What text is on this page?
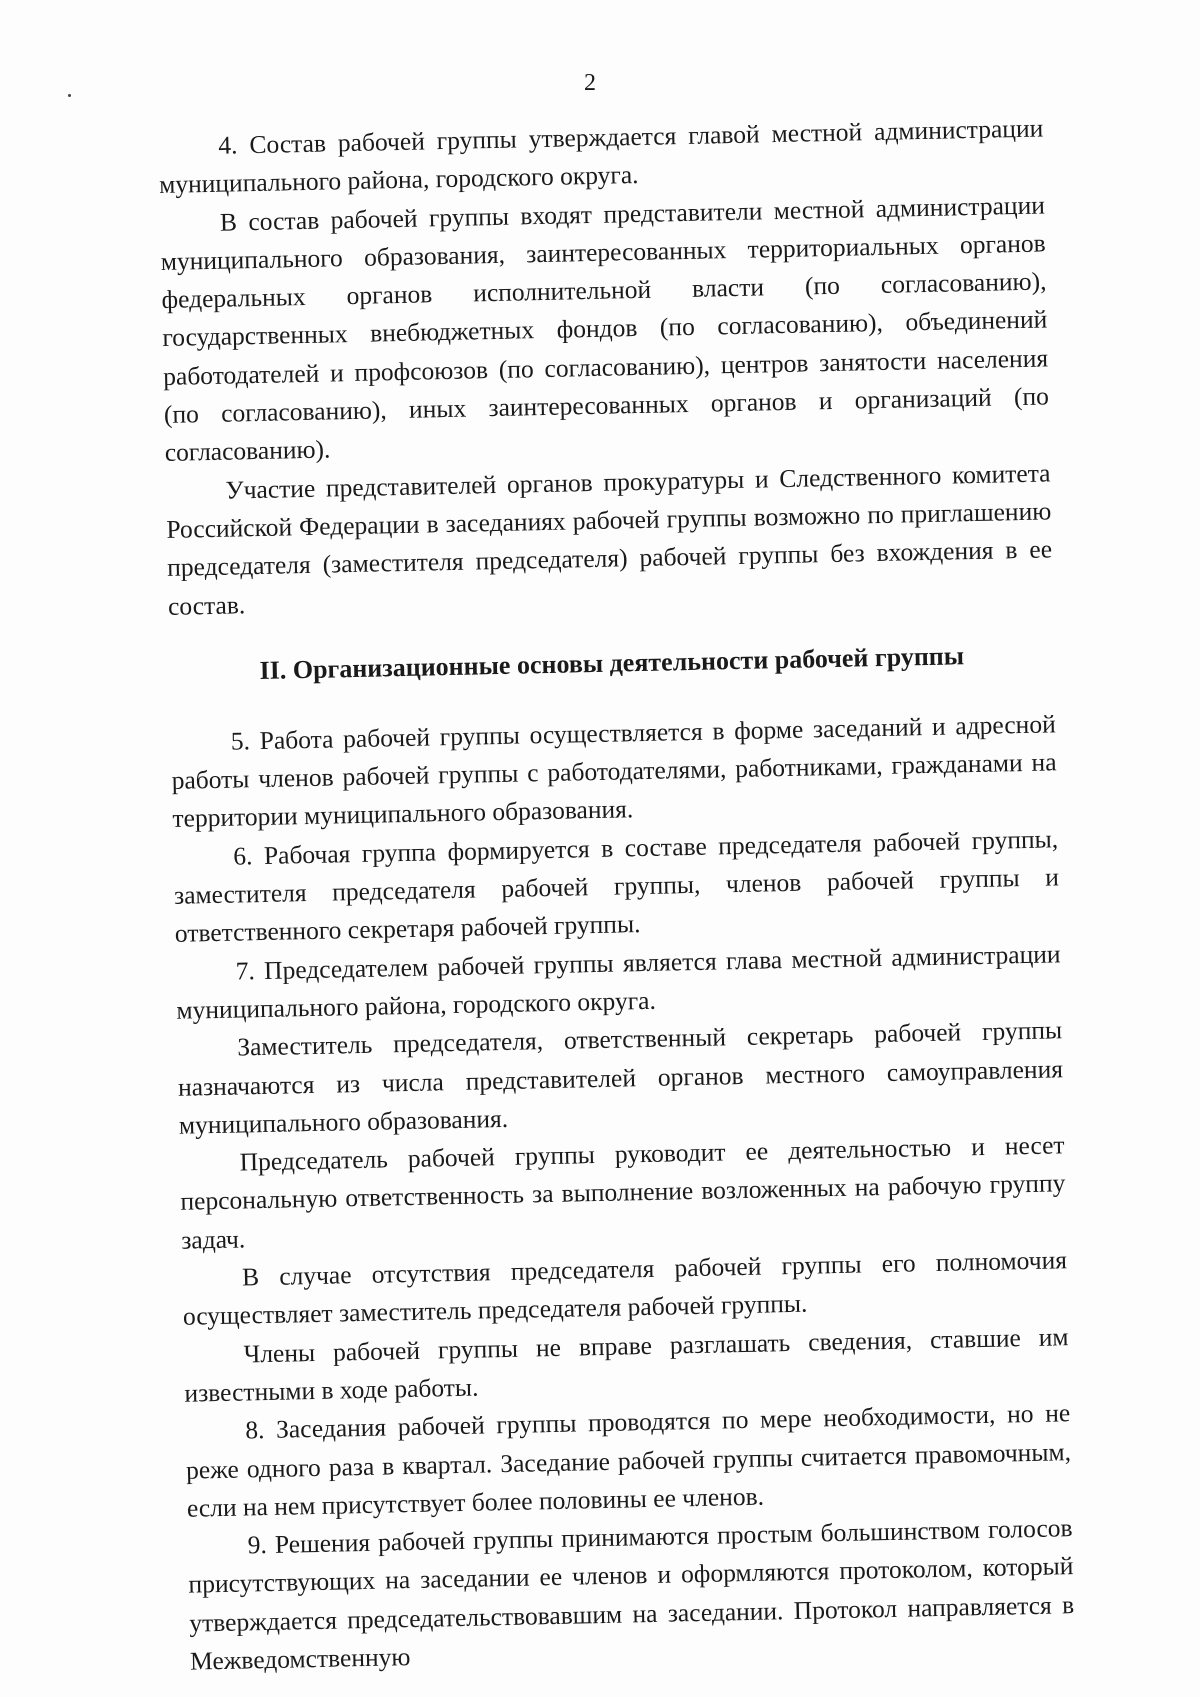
2

4. Состав рабочей группы утверждается главой местной администрации муниципального района, городского округа.

В состав рабочей группы входят представители местной администрации муниципального образования, заинтересованных территориальных органов федеральных органов исполнительной власти (по согласованию), государственных внебюджетных фондов (по согласованию), объединений работодателей и профсоюзов (по согласованию), центров занятости населения (по согласованию), иных заинтересованных органов и организаций (по согласованию).

Участие представителей органов прокуратуры и Следственного комитета Российской Федерации в заседаниях рабочей группы возможно по приглашению председателя (заместителя председателя) рабочей группы без вхождения в ее состав.

II. Организационные основы деятельности рабочей группы

5. Работа рабочей группы осуществляется в форме заседаний и адресной работы членов рабочей группы с работодателями, работниками, гражданами на территории муниципального образования.

6. Рабочая группа формируется в составе председателя рабочей группы, заместителя председателя рабочей группы, членов рабочей группы и ответственного секретаря рабочей группы.

7. Председателем рабочей группы является глава местной администрации муниципального района, городского округа.

Заместитель председателя, ответственный секретарь рабочей группы назначаются из числа представителей органов местного самоуправления муниципального образования.

Председатель рабочей группы руководит ее деятельностью и несет персональную ответственность за выполнение возложенных на рабочую группу задач.

В случае отсутствия председателя рабочей группы его полномочия осуществляет заместитель председателя рабочей группы.

Члены рабочей группы не вправе разглашать сведения, ставшие им известными в ходе работы.

8. Заседания рабочей группы проводятся по мере необходимости, но не реже одного раза в квартал. Заседание рабочей группы считается правомочным, если на нем присутствует более половины ее членов.

9. Решения рабочей группы принимаются простым большинством голосов присутствующих на заседании ее членов и оформляются протоколом, который утверждается председательствовавшим на заседании. Протокол направляется в Межведомственную
